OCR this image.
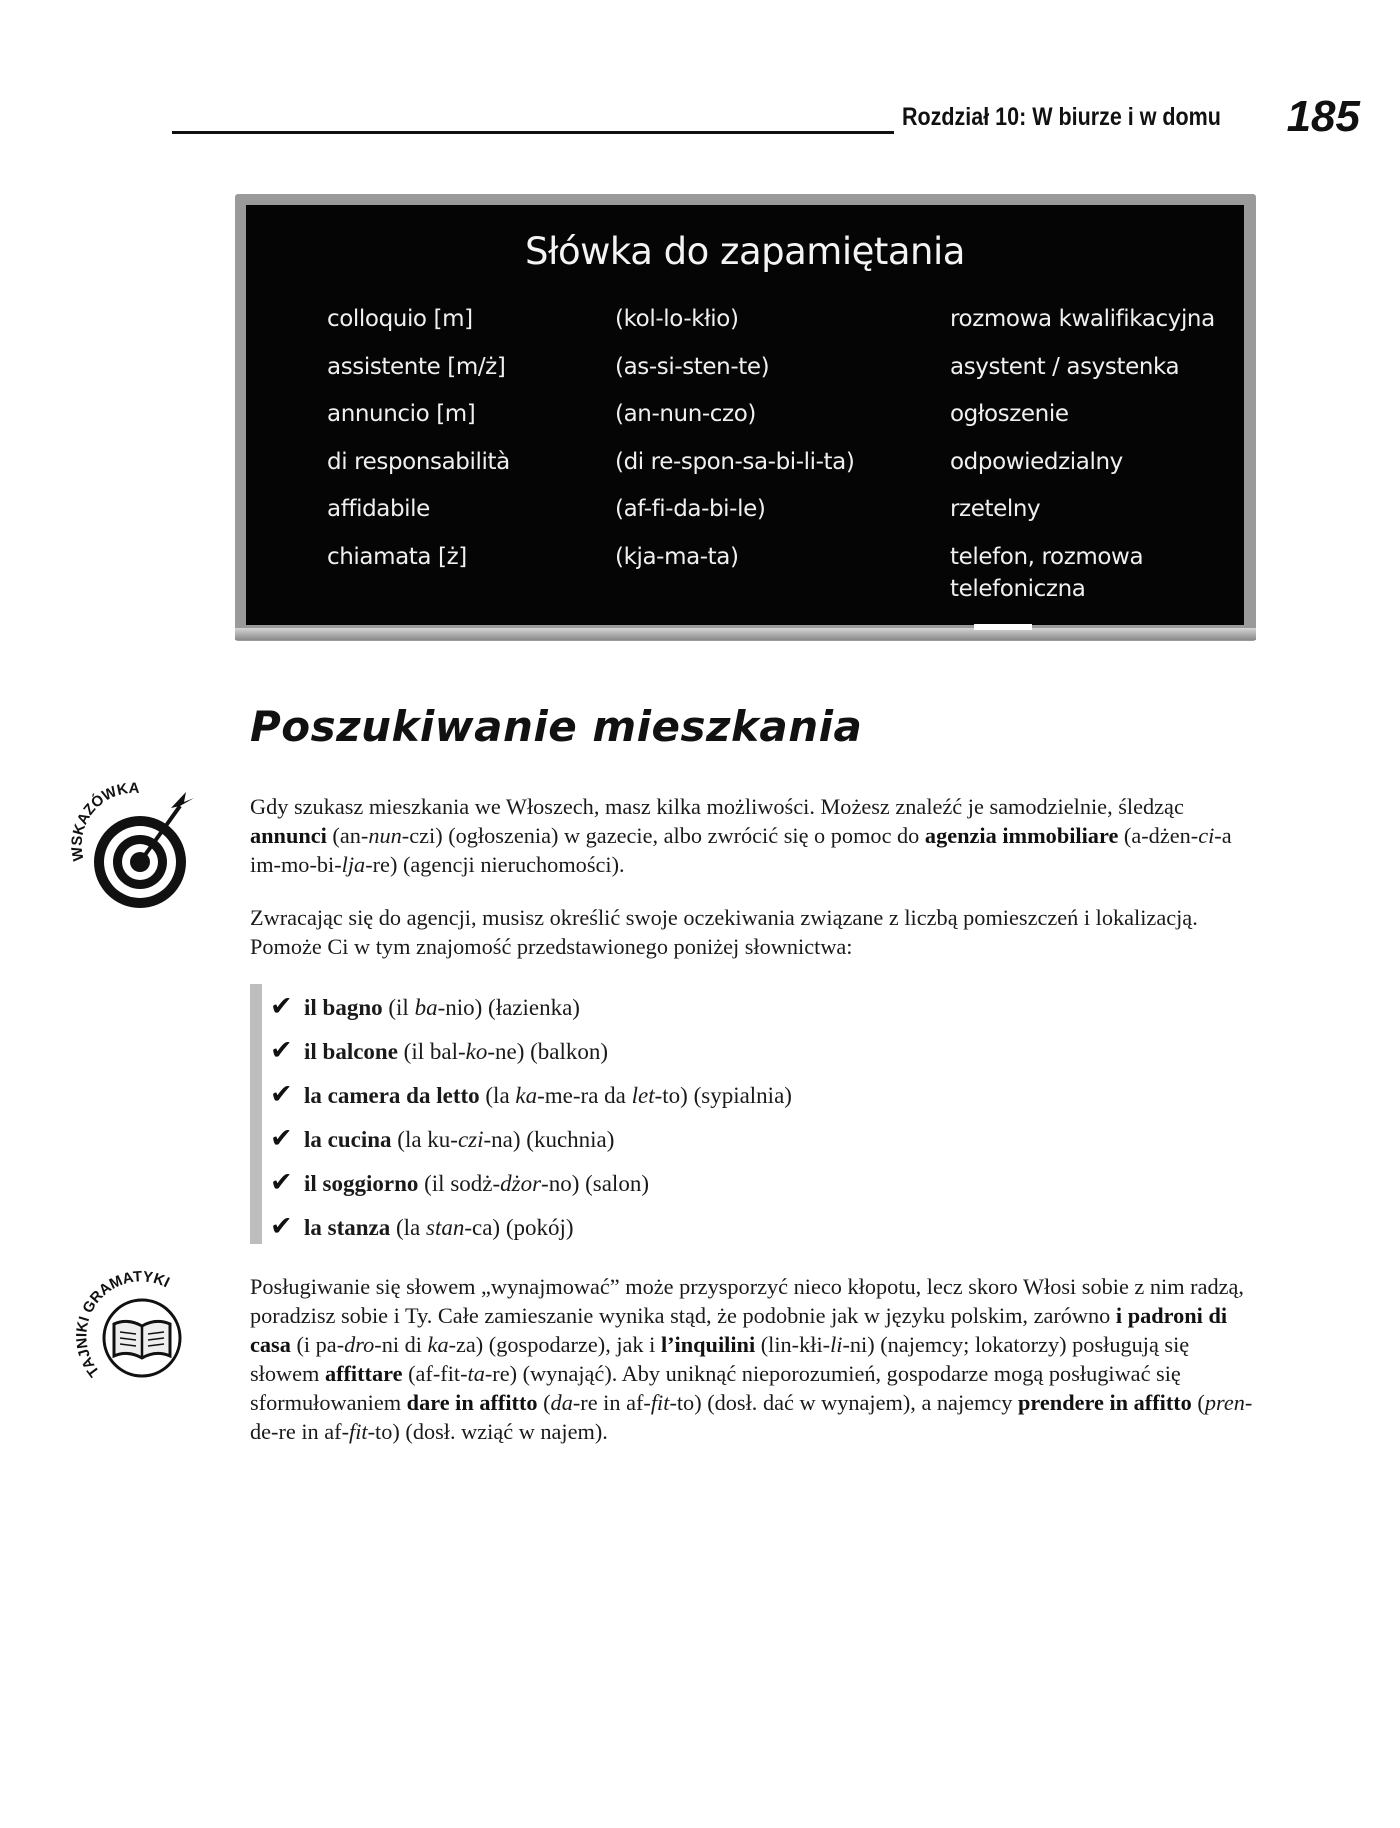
Rozdział 10: W biurze i w domu 185
Słówka do zapamiętania
colloquio [m]	(kol-lo-kłio)	rozmowa kwalifikacyjna
assistente [m/ż]	(as-si-sten-te)	asystent / asystenka
annuncio [m]	(an-nun-czo)	ogłoszenie
di responsabilità	(di re-spon-sa-bi-li-ta)	odpowiedzialny
affidabile	(af-fi-da-bi-le)	rzetelny
chiamata [ż]	(kja-ma-ta)	telefon, rozmowa telefoniczna
Poszukiwanie mieszkania
WSKAZÓWKA
Gdy szukasz mieszkania we Włoszech, masz kilka możliwości. Możesz znaleźć je samodzielnie, śledząc annunci (an-nun-czi) (ogłoszenia) w gazecie, albo zwrócić się o pomoc do agenzia immobiliare (a-dżen-ci-a im-mo-bi-lja-re) (agencji nieruchomości).
Zwracając się do agencji, musisz określić swoje oczekiwania związane z liczbą pomieszczeń i lokalizacją. Pomoże Ci w tym znajomość przedstawionego poniżej słownictwa:
✔ il bagno (il ba-nio) (łazienka)
✔ il balcone (il bal-ko-ne) (balkon)
✔ la camera da letto (la ka-me-ra da let-to) (sypialnia)
✔ la cucina (la ku-czi-na) (kuchnia)
✔ il soggiorno (il sodż-dżor-no) (salon)
✔ la stanza (la stan-ca) (pokój)
TAJNIKI GRAMATYKI	Posługiwanie się słowem „wynajmować” może przysporzyć nieco kłopotu, lecz skoro Włosi sobie z nim radzą, poradzisz sobie i Ty. Całe zamieszanie wynika stąd, że podobnie jak w języku polskim, zarówno i padroni di casa (i pa-dro-ni di ka-za) (gospodarze), jak i l’inquilini (lin-kłi-li-ni) (najemcy; lokatorzy) posługują się słowem affittare (af-fit-ta-re) (wynająć). Aby uniknąć nieporozumień, gospodarze mogą posługiwać się sformułowaniem dare in affitto (da-re in af-fit-to) (dosł. dać w wynajem), a najemcy prendere in affitto (pren-de-re in af-fit-to) (dosł. wziąć w najem).
